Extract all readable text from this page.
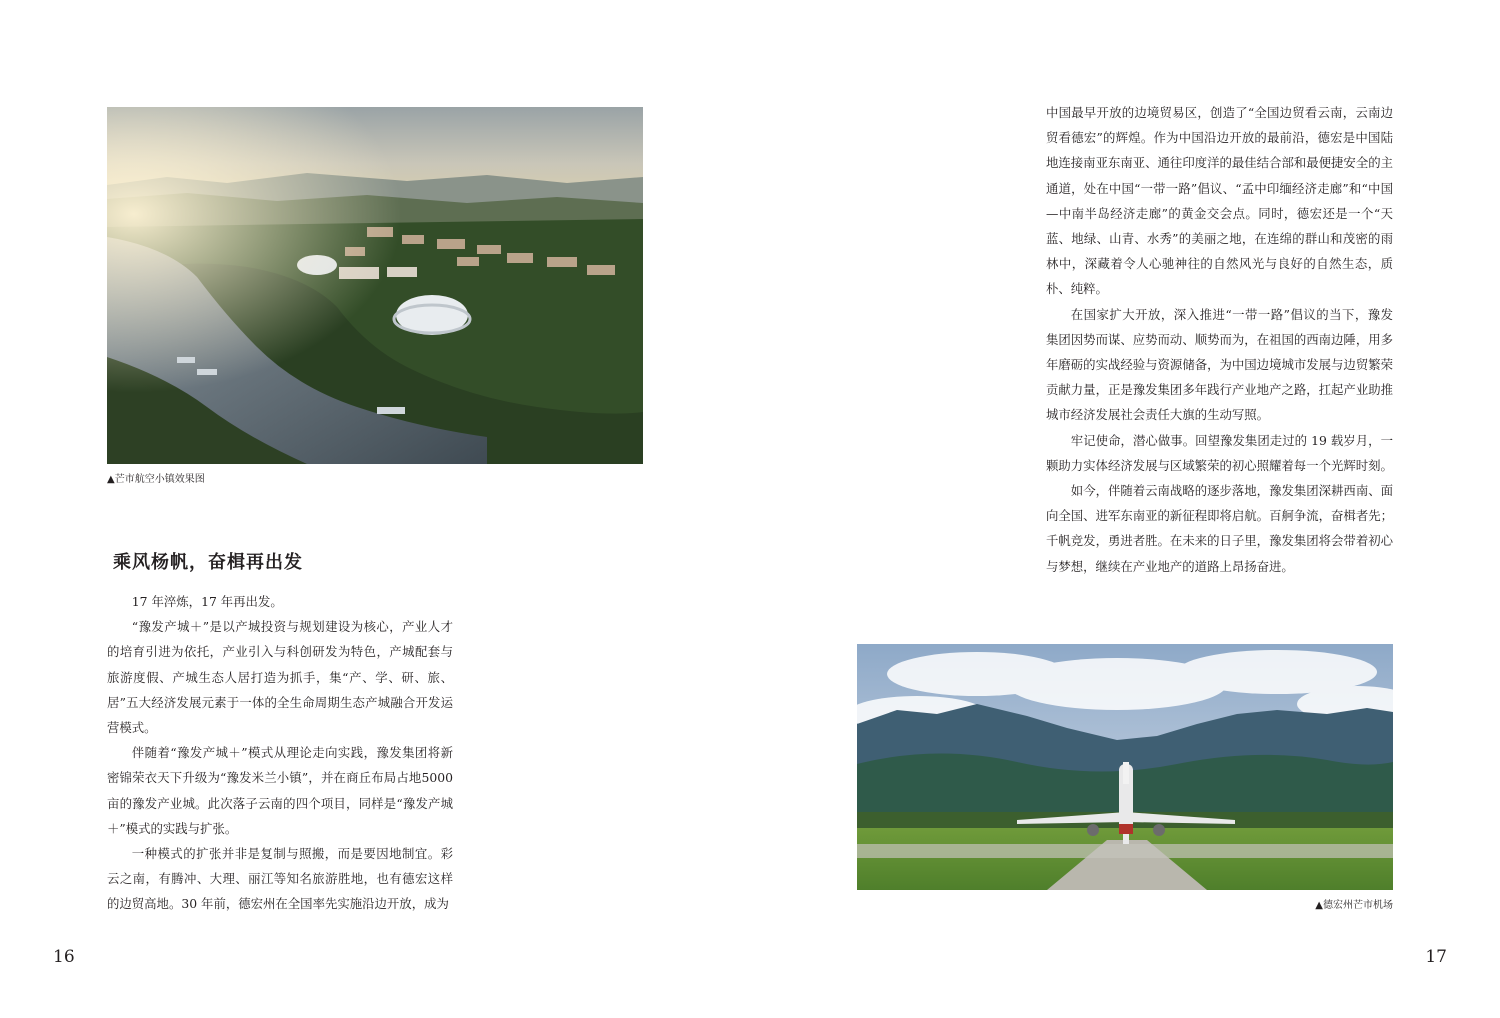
▲芒市航空小镇效果图
乘风杨帆，奋楫再出发

17 年淬炼，17 年再出发。

“豫发产城＋”是以产城投资与规划建设为核心，产业人才的培育引进为依托，产业引入与科创研发为特色，产城配套与旅游度假、产城生态人居打造为抓手，集“产、学、研、旅、居”五大经济发展元素于一体的全生命周期生态产城融合开发运营模式。

伴随着“豫发产城＋”模式从理论走向实践，豫发集团将新密锦荣衣天下升级为“豫发米兰小镇”，并在商丘布局占地5000 亩的豫发产业城。此次落子云南的四个项目，同样是“豫发产城＋”模式的实践与扩张。

一种模式的扩张并非是复制与照搬，而是要因地制宜。彩云之南，有腾冲、大理、丽江等知名旅游胜地，也有德宏这样的边贸高地。30 年前，德宏州在全国率先实施沿边开放，成为

16

中国最早开放的边境贸易区，创造了“全国边贸看云南，云南边贸看德宏”的辉煌。作为中国沿边开放的最前沿，德宏是中国陆地连接南亚东南亚、通往印度洋的最佳结合部和最便捷安全的主通道，处在中国“一带一路”倡议、“孟中印缅经济走廊”和“中国—中南半岛经济走廊”的黄金交会点。同时，德宏还是一个“天蓝、地绿、山青、水秀”的美丽之地，在连绵的群山和茂密的雨林中，深藏着令人心驰神往的自然风光与良好的自然生态，质朴、纯粹。

在国家扩大开放，深入推进“一带一路”倡议的当下，豫发集团因势而谋、应势而动、顺势而为，在祖国的西南边陲，用多年磨砺的实战经验与资源储备，为中国边境城市发展与边贸繁荣贡献力量，正是豫发集团多年践行产业地产之路，扛起产业助推城市经济发展社会责任大旗的生动写照。

牢记使命，潜心做事。回望豫发集团走过的 19 载岁月，一颗助力实体经济发展与区域繁荣的初心照耀着每一个光辉时刻。

如今，伴随着云南战略的逐步落地，豫发集团深耕西南、面向全国、进军东南亚的新征程即将启航。百舸争流，奋楫者先；千帆竞发，勇进者胜。在未来的日子里，豫发集团将会带着初心与梦想，继续在产业地产的道路上昂扬奋进。

▲德宏州芒市机场
17
